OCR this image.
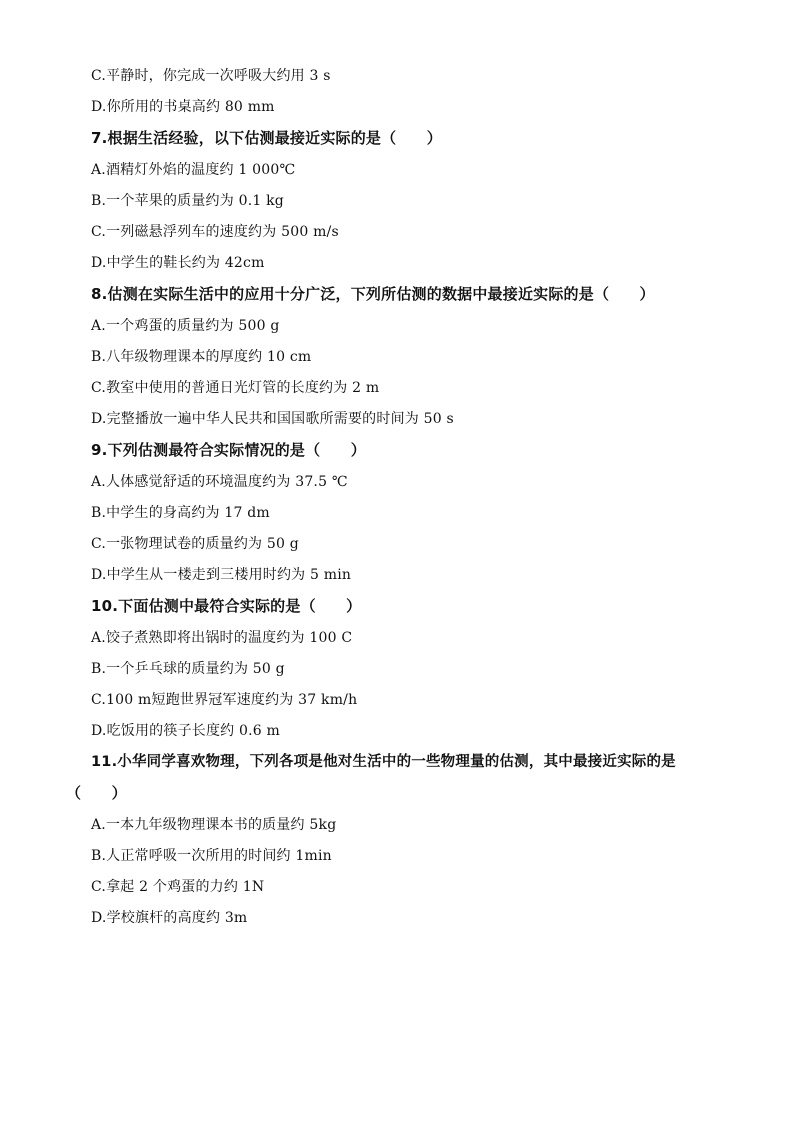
C.平静时，你完成一次呼吸大约用 3 s
D.你所用的书桌高约 80 mm
7.根据生活经验，以下估测最接近实际的是（　　）
A.酒精灯外焰的温度约 1 000℃
B.一个苹果的质量约为 0.1 kg
C.一列磁悬浮列车的速度约为 500 m/s
D.中学生的鞋长约为 42cm
8.估测在实际生活中的应用十分广泛，下列所估测的数据中最接近实际的是（　　）
A.一个鸡蛋的质量约为 500 g
B.八年级物理课本的厚度约 10 cm
C.教室中使用的普通日光灯管的长度约为 2 m
D.完整播放一遍中华人民共和国国歌所需要的时间为 50 s
9.下列估测最符合实际情况的是（　　）
A.人体感觉舒适的环境温度约为 37.5 ℃
B.中学生的身高约为 17 dm
C.一张物理试卷的质量约为 50 g
D.中学生从一楼走到三楼用时约为 5 min
10.下面估测中最符合实际的是（　　）
A.饺子煮熟即将出锅时的温度约为 100 C
B.一个乒乓球的质量约为 50 g
C.100 m短跑世界冠军速度约为 37 km/h
D.吃饭用的筷子长度约 0.6 m
11.小华同学喜欢物理，下列各项是他对生活中的一些物理量的估测，其中最接近实际的是
（　　）
A.一本九年级物理课本书的质量约 5kg
B.人正常呼吸一次所用的时间约 1min
C.拿起 2 个鸡蛋的力约 1N
D.学校旗杆的高度约 3m
